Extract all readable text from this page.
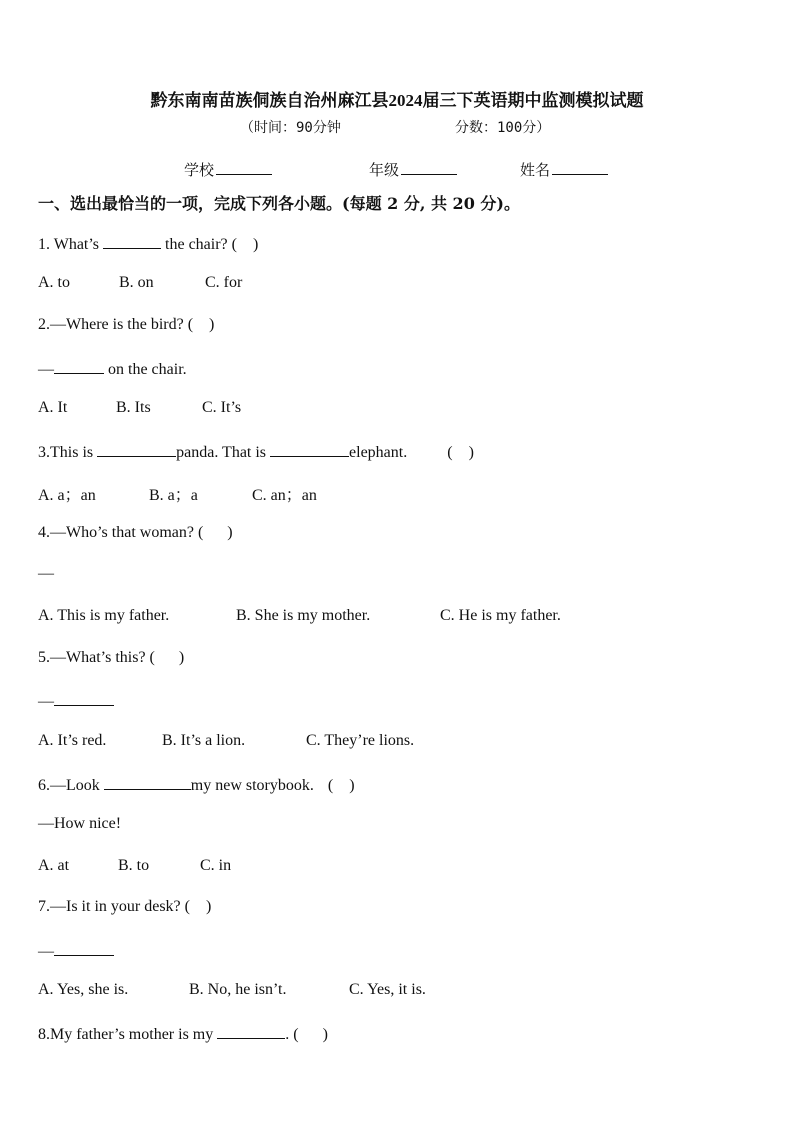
黔东南南苗族侗族自治州麻江县2024届三下英语期中监测模拟试题
（时间：90分钟	分数：100分）
学校	年级	姓名
一、选出最恰当的一项，完成下列各小题。(每题 2 分, 共 20 分)。
1. What’s	the chair? (    )
A. to	B. on	C. for
2.—Where is the bird? (    )
—	on the chair.
A. It	B. Its	C. It’s
3.This is	panda. That is	elephant.	(    )
A. a；an	B. a；a	C. an；an
4.—Who’s that woman? (      )
—
A. This is my father.	B. She is my mother.	C. He is my father.
5.—What’s this? (      )
—
A. It’s red.	B. It’s a lion.	C. They’re lions.
6.—Look	my new storybook. (    )
—How nice!
A. at	B. to	C. in
7.—Is it in your desk? (    )
—
A. Yes, she is.	B. No, he isn’t.	C. Yes, it is.
8.My father’s mother is my	. (      )
